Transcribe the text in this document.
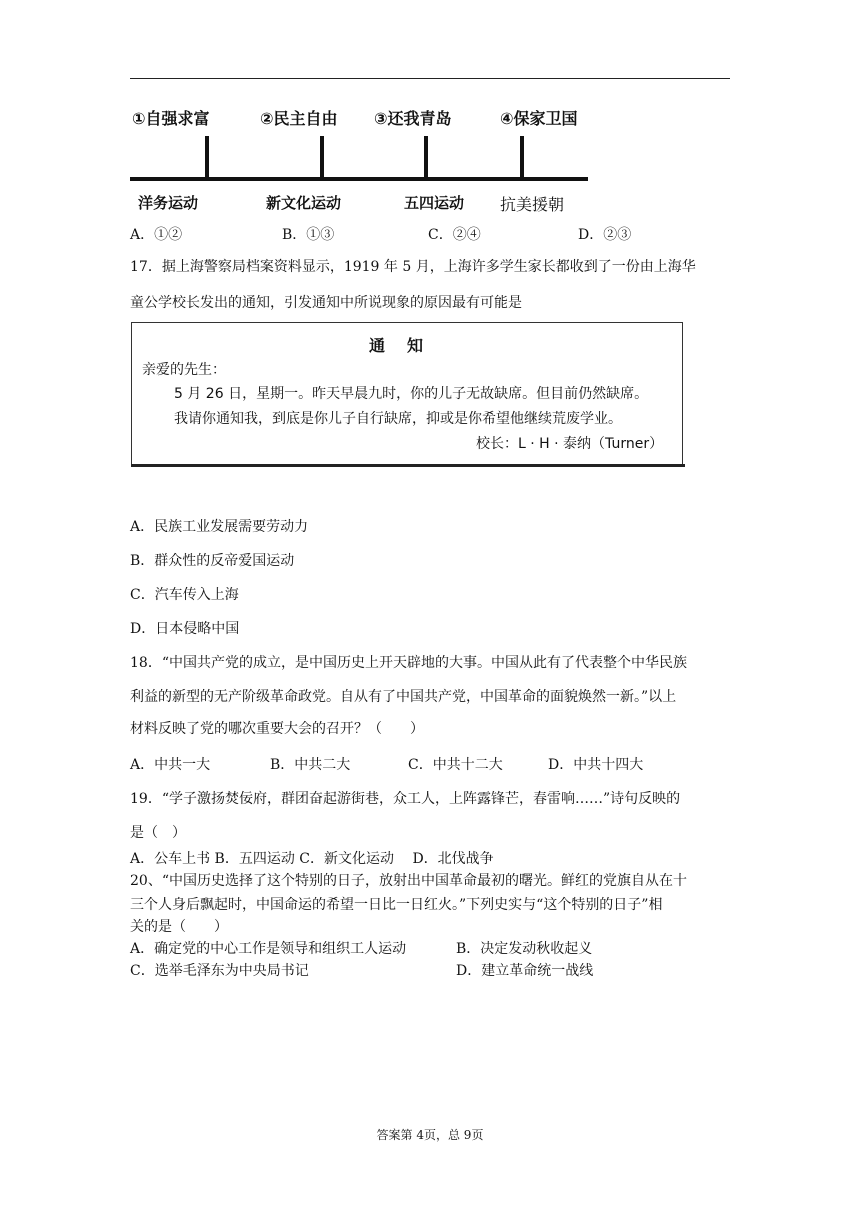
①自强求富	②民主自由 ③还我青岛	④保家卫国
洋务运动	新文化运动	五四运动 抗美援朝
A．①②	B．①③	C．②④	D．②③
17．据上海警察局档案资料显示，1919 年 5 月，上海许多学生家长都收到了一份由上海华
童公学校长发出的通知，引发通知中所说现象的原因最有可能是
通知
亲爱的先生：
5 月 26 日，星期一。昨天早晨九时，你的儿子无故缺席。但目前仍然缺席。
我请你通知我，到底是你儿子自行缺席，抑或是你希望他继续荒废学业。
校长：L · H · 泰纳（Turner）
A．民族工业发展需要劳动力
B．群众性的反帝爱国运动
C．汽车传入上海
D．日本侵略中国
18．“中国共产党的成立，是中国历史上开天辟地的大事。中国从此有了代表整个中华民族
利益的新型的无产阶级革命政党。自从有了中国共产党，中国革命的面貌焕然一新。”以上
材料反映了党的哪次重要大会的召开？（　　）
A．中共一大	B．中共二大	C．中共十二大	D．中共十四大
19．“学子激扬焚佞府，群团奋起游街巷，众工人，上阵露锋芒，春雷响……”诗句反映的
是（　）
A．公车上书 B．五四运动 C．新文化运动　 D．北伐战争
20、“中国历史选择了这个特别的日子，放射出中国革命最初的曙光。鲜红的党旗自从在十
三个人身后飘起时，中国命运的希望一日比一日红火。”下列史实与“这个特别的日子”相
关的是（　　）
A．确定党的中心工作是领导和组织工人运动	B．决定发动秋收起义
C．选举毛泽东为中央局书记	D．建立革命统一战线
答案第 4页，总 9页
